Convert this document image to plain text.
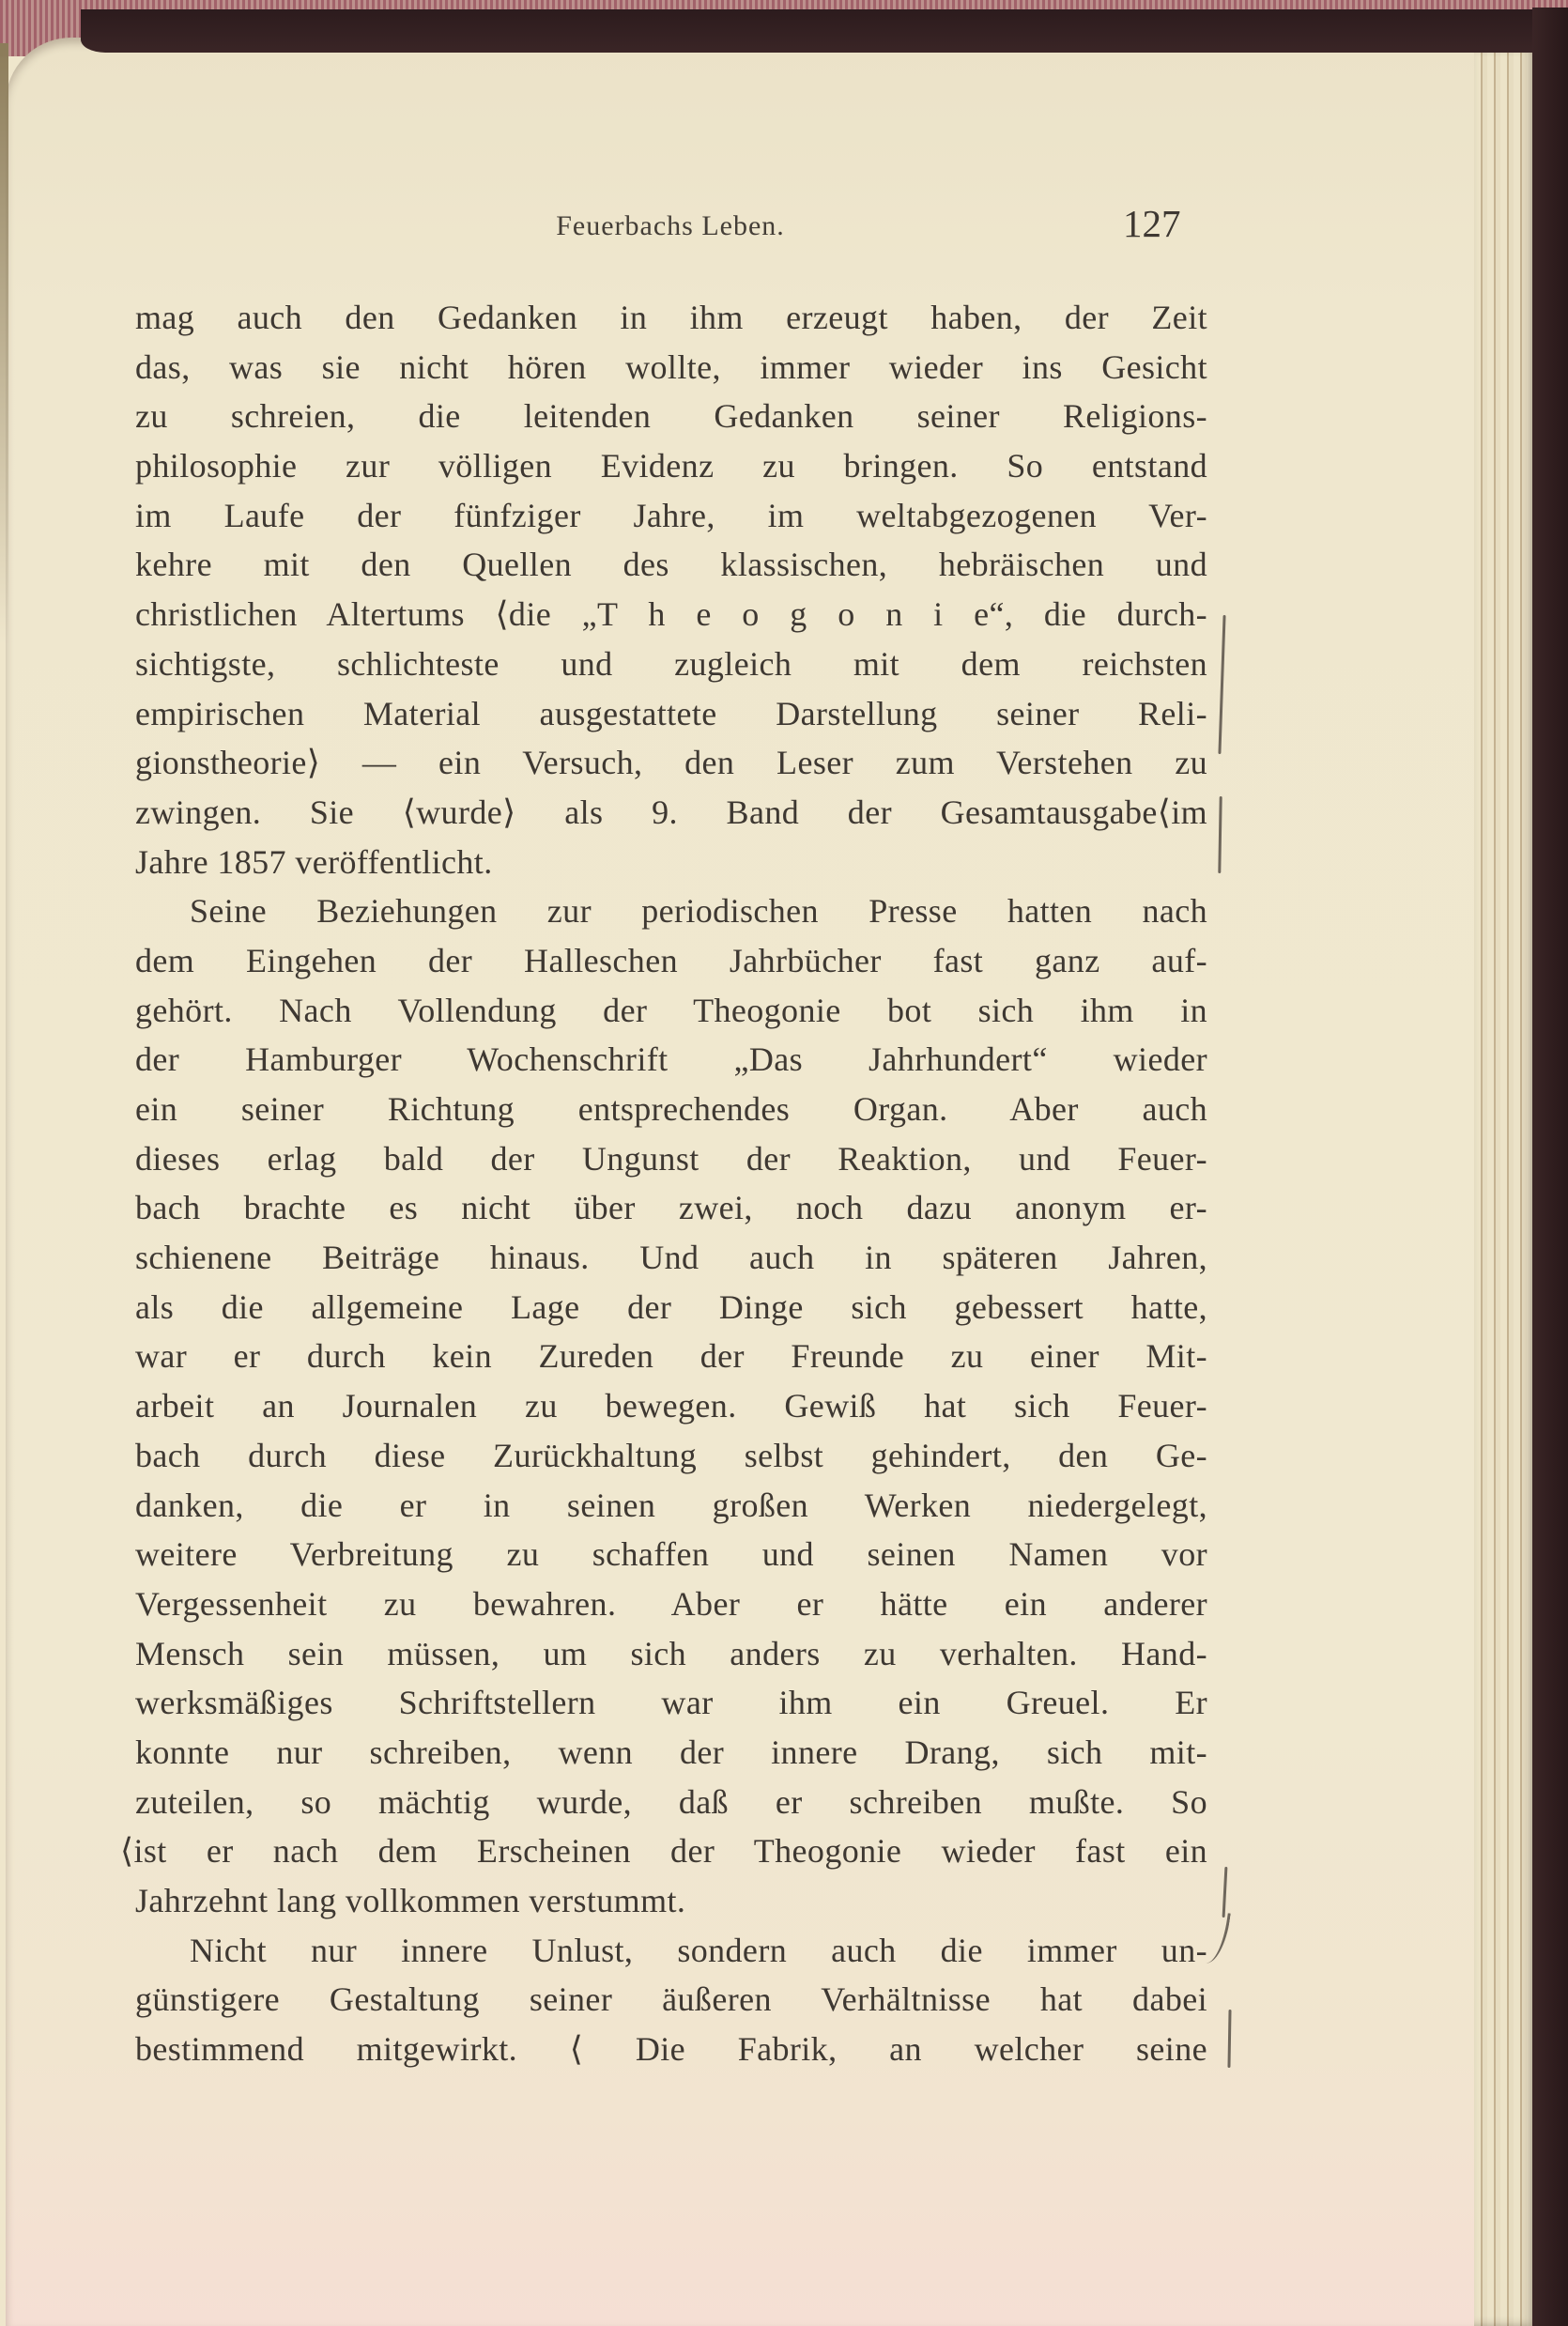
Feuerbachs Leben.	127
mag auch den Gedanken in ihm erzeugt haben, der Zeit
das, was sie nicht hören wollte, immer wieder ins Gesicht
zu schreien, die leitenden Gedanken seiner Religions-
philosophie zur völligen Evidenz zu bringen. So entstand
im Laufe der fünfziger Jahre, im weltabgezogenen Ver-
kehre mit den Quellen des klassischen, hebräischen und
christlichen Altertums ⟨die „T h e o g o n i e“, die durch-
sichtigste, schlichteste und zugleich mit dem reichsten
empirischen Material ausgestattete Darstellung seiner Reli-
gionstheorie⟩ — ein Versuch, den Leser zum Verstehen zu
zwingen. Sie ⟨wurde⟩ als 9. Band der Gesamtausgabe⟨im
Jahre 1857 veröffentlicht.
Seine Beziehungen zur periodischen Presse hatten nach
dem Eingehen der Halleschen Jahrbücher fast ganz auf-
gehört. Nach Vollendung der Theogonie bot sich ihm in
der Hamburger Wochenschrift „Das Jahrhundert“ wieder
ein seiner Richtung entsprechendes Organ. Aber auch
dieses erlag bald der Ungunst der Reaktion, und Feuer-
bach brachte es nicht über zwei, noch dazu anonym er-
schienene Beiträge hinaus. Und auch in späteren Jahren,
als die allgemeine Lage der Dinge sich gebessert hatte,
war er durch kein Zureden der Freunde zu einer Mit-
arbeit an Journalen zu bewegen. Gewiß hat sich Feuer-
bach durch diese Zurückhaltung selbst gehindert, den Ge-
danken, die er in seinen großen Werken niedergelegt,
weitere Verbreitung zu schaffen und seinen Namen vor
Vergessenheit zu bewahren. Aber er hätte ein anderer
Mensch sein müssen, um sich anders zu verhalten. Hand-
werksmäßiges Schriftstellern war ihm ein Greuel. Er
konnte nur schreiben, wenn der innere Drang, sich mit-
zuteilen, so mächtig wurde, daß er schreiben mußte. So
⟨ist er nach dem Erscheinen der Theogonie wieder fast ein
Jahrzehnt lang vollkommen verstummt.
Nicht nur innere Unlust, sondern auch die immer un-
günstigere Gestaltung seiner äußeren Verhältnisse hat dabei
bestimmend mitgewirkt. ⟨ Die Fabrik, an welcher seine
